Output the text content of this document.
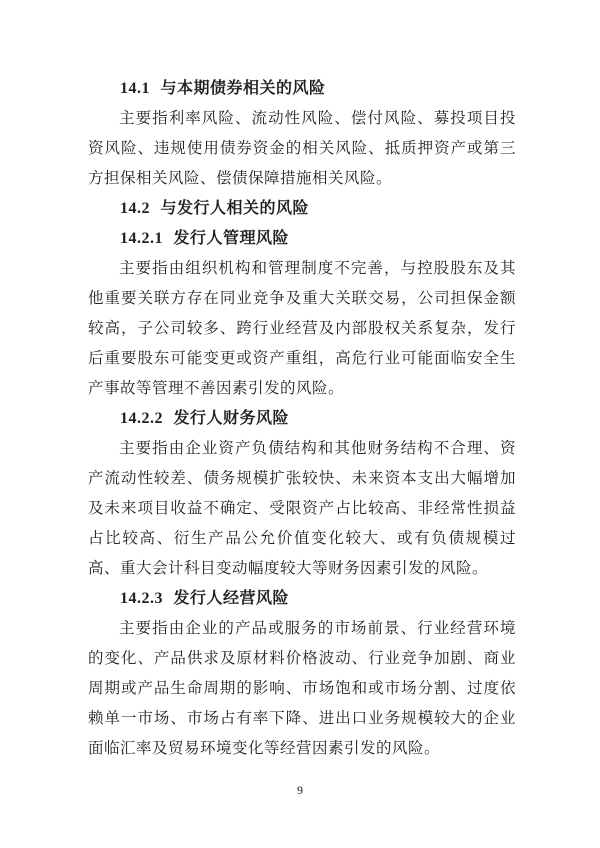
14.1 与本期债券相关的风险

主要指利率风险、流动性风险、偿付风险、募投项目投资风险、违规使用债券资金的相关风险、抵质押资产或第三方担保相关风险、偿债保障措施相关风险。

14.2 与发行人相关的风险
14.2.1 发行人管理风险

主要指由组织机构和管理制度不完善，与控股股东及其他重要关联方存在同业竞争及重大关联交易，公司担保金额较高，子公司较多、跨行业经营及内部股权关系复杂，发行后重要股东可能变更或资产重组，高危行业可能面临安全生产事故等管理不善因素引发的风险。

14.2.2 发行人财务风险

主要指由企业资产负债结构和其他财务结构不合理、资产流动性较差、债务规模扩张较快、未来资本支出大幅增加及未来项目收益不确定、受限资产占比较高、非经常性损益占比较高、衍生产品公允价值变化较大、或有负债规模过高、重大会计科目变动幅度较大等财务因素引发的风险。

14.2.3 发行人经营风险

主要指由企业的产品或服务的市场前景、行业经营环境的变化、产品供求及原材料价格波动、行业竞争加剧、商业周期或产品生命周期的影响、市场饱和或市场分割、过度依赖单一市场、市场占有率下降、进出口业务规模较大的企业面临汇率及贸易环境变化等经营因素引发的风险。

9
